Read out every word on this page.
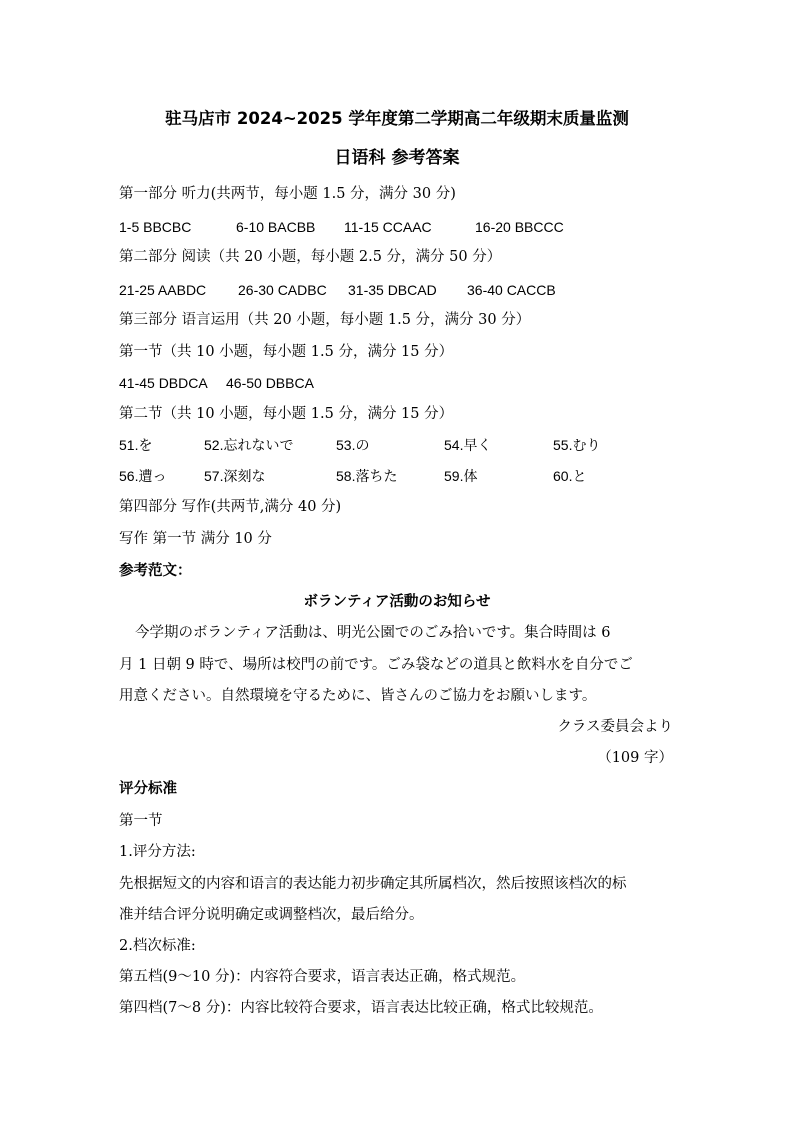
驻马店市 2024~2025 学年度第二学期高二年级期末质量监测
日语科 参考答案
第一部分 听力(共两节，每小题 1.5 分，满分 30 分)
1-5 BBCBC	6-10 BACBB 11-15 CCAAC	16-20 BBCCC
第二部分 阅读（共 20 小题，每小题 2.5 分，满分 50 分）
21-25 AABDC 26-30 CADBC 31-35 DBCAD 36-40 CACCB
第三部分 语言运用（共 20 小题，每小题 1.5 分，满分 30 分）
第一节（共 10 小题，每小题 1.5 分，满分 15 分）
41-45 DBDCA 46-50 DBBCA
第二节（共 10 小题，每小题 1.5 分，满分 15 分）
51.を	52.忘れないで	53.の	54.早く	55.むり
56.遭っ	57.深刻な	58.落ちた	59.体	60.と
第四部分 写作(共两节,满分 40 分)
写作 第一节 满分 10 分
参考范文：
ボランティア活動のお知らせ
今学期のボランティア活動は、明光公園でのごみ拾いです。集合時間は 6
月 1 日朝 9 時で、場所は校門の前です。ごみ袋などの道具と飲料水を自分でご
用意ください。自然環境を守るために、皆さんのご協力をお願いします。
クラス委員会より
（109 字）
评分标准
第一节
1.评分方法:
先根据短文的内容和语言的表达能力初步确定其所属档次，然后按照该档次的标
准并结合评分说明确定或调整档次，最后给分。
2.档次标准:
第五档(9～10 分)：内容符合要求，语言表达正确，格式规范。
第四档(7～8 分)：内容比较符合要求，语言表达比较正确，格式比较规范。
